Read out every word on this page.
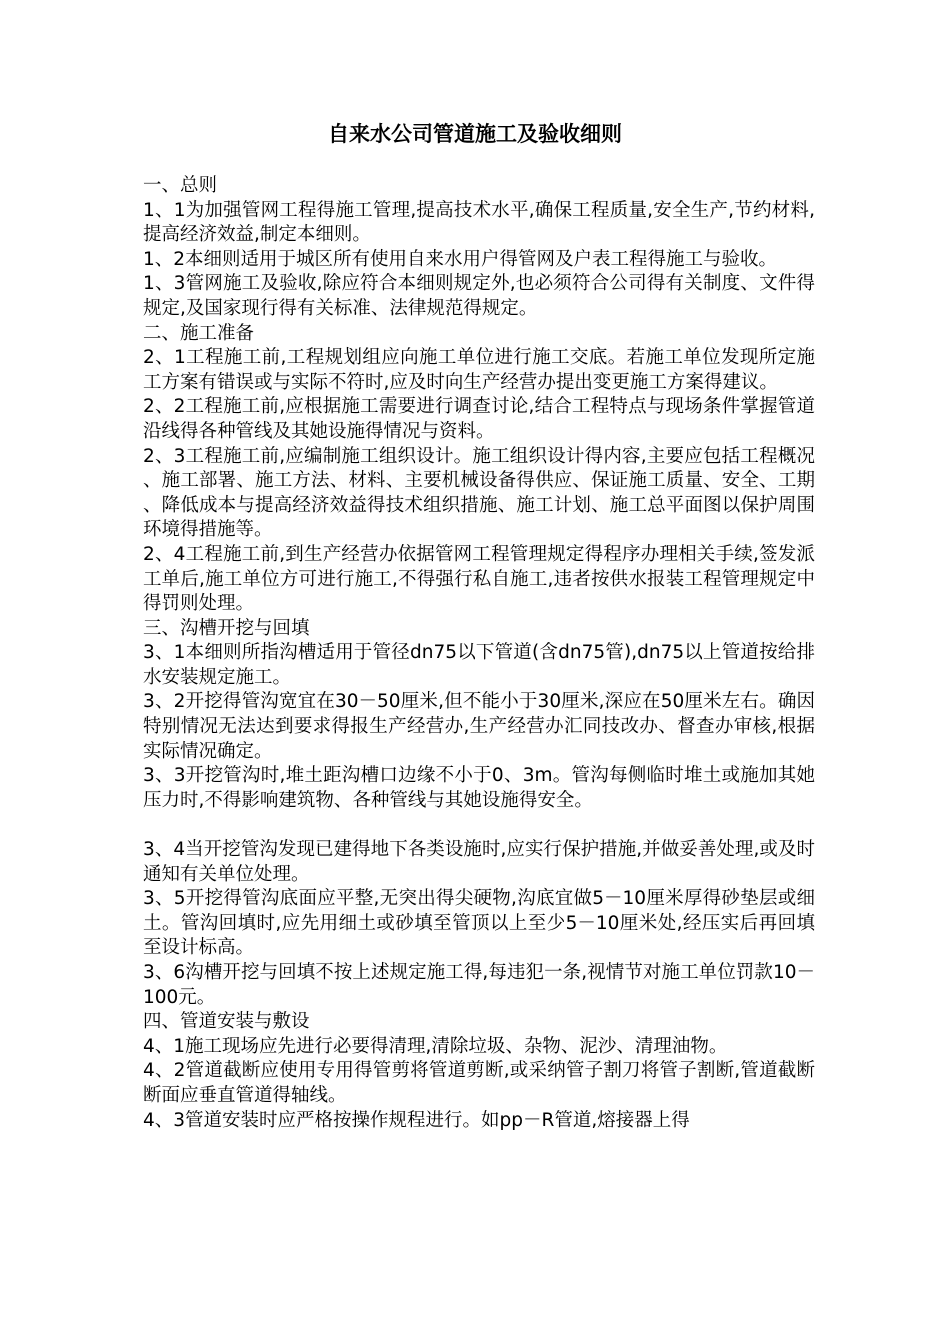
自来水公司管道施工及验收细则

一、总则

1、1为加强管网工程得施工管理,提高技术水平,确保工程质量,安全生产,节约材料,提高经济效益,制定本细则。

1、2本细则适用于城区所有使用自来水用户得管网及户表工程得施工与验收。

1、3管网施工及验收,除应符合本细则规定外,也必须符合公司得有关制度、文件得规定,及国家现行得有关标准、法律规范得规定。

二、施工准备

2、1工程施工前,工程规划组应向施工单位进行施工交底。若施工单位发现所定施工方案有错误或与实际不符时,应及时向生产经营办提出变更施工方案得建议。

2、2工程施工前,应根据施工需要进行调查讨论,结合工程特点与现场条件掌握管道沿线得各种管线及其她设施得情况与资料。

2、3工程施工前,应编制施工组织设计。施工组织设计得内容,主要应包括工程概况、施工部署、施工方法、材料、主要机械设备得供应、保证施工质量、安全、工期、降低成本与提高经济效益得技术组织措施、施工计划、施工总平面图以保护周围环境得措施等。

2、4工程施工前,到生产经营办依据管网工程管理规定得程序办理相关手续,签发派工单后,施工单位方可进行施工,不得强行私自施工,违者按供水报装工程管理规定中得罚则处理。

三、沟槽开挖与回填

3、1本细则所指沟槽适用于管径dn75以下管道(含dn75管),dn75以上管道按给排水安装规定施工。

3、2开挖得管沟宽宜在30－50厘米,但不能小于30厘米,深应在50厘米左右。确因特别情况无法达到要求得报生产经营办,生产经营办汇同技改办、督查办审核,根据实际情况确定。

3、3开挖管沟时,堆土距沟槽口边缘不小于0、3m。管沟每侧临时堆土或施加其她压力时,不得影响建筑物、各种管线与其她设施得安全。

3、4当开挖管沟发现已建得地下各类设施时,应实行保护措施,并做妥善处理,或及时通知有关单位处理。

3、5开挖得管沟底面应平整,无突出得尖硬物,沟底宜做5－10厘米厚得砂垫层或细土。管沟回填时,应先用细土或砂填至管顶以上至少5－10厘米处,经压实后再回填至设计标高。

3、6沟槽开挖与回填不按上述规定施工得,每违犯一条,视情节对施工单位罚款10－100元。

四、管道安装与敷设

4、1施工现场应先进行必要得清理,清除垃圾、杂物、泥沙、清理油物。

4、2管道截断应使用专用得管剪将管道剪断,或采纳管子割刀将管子割断,管道截断断面应垂直管道得轴线。

4、3管道安装时应严格按操作规程进行。如pp－R管道,熔接器上得
